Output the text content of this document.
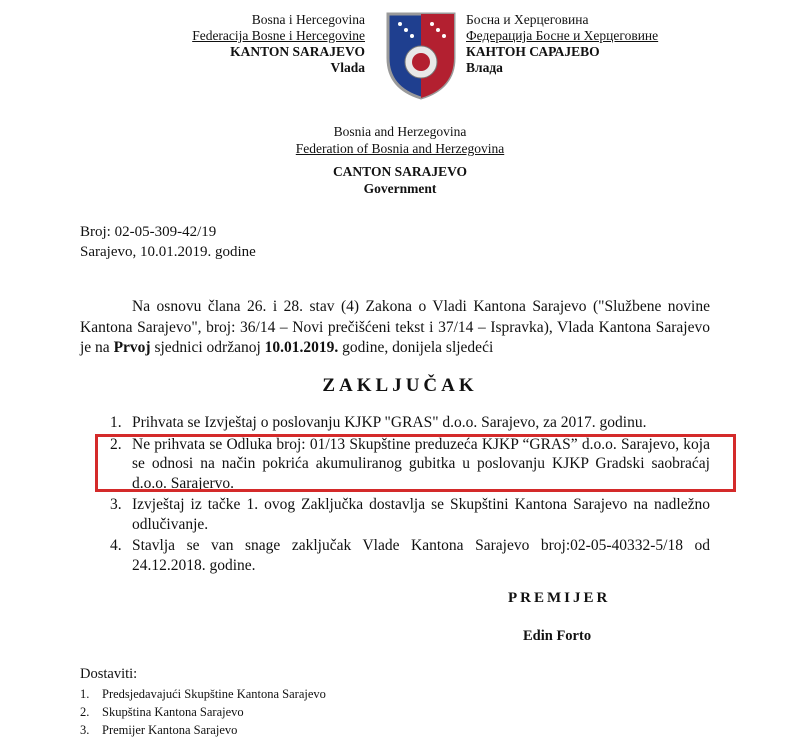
Bosna i Hercegovina
Federacija Bosne i Hercegovine
KANTON SARAJEVO
Vlada
Босна и Херцеговина
Федерација Босне и Херцеговине
КАНТОН САРАЈЕВО
Влада
Bosnia and Herzegovina
Federation of Bosnia and Herzegovina
CANTON SARAJEVO
Government
Broj: 02-05-309-42/19
Sarajevo, 10.01.2019. godine
Na osnovu člana 26. i 28. stav (4) Zakona o Vladi Kantona Sarajevo ("Službene novine Kantona Sarajevo", broj: 36/14 – Novi prečišćeni tekst i 37/14 – Ispravka), Vlada Kantona Sarajevo je na Prvoj sjednici održanoj 10.01.2019. godine, donijela sljedeći
ZAKLJUČAK
1. Prihvata se Izvještaj o poslovanju KJKP "GRAS" d.o.o. Sarajevo, za 2017. godinu.
2. Ne prihvata se Odluka broj: 01/13 Skupštine preduzeća KJKP “GRAS” d.o.o. Sarajevo, koja se odnosi na način pokrića akumuliranog gubitka u poslovanju KJKP Gradski saobraćaj d.o.o. Sarajervo.
3. Izvještaj iz tačke 1. ovog Zaključka dostavlja se Skupštini Kantona Sarajevo na nadležno odlučivanje.
4. Stavlja se van snage zaključak Vlade Kantona Sarajevo broj:02-05-40332-5/18 od 24.12.2018. godine.
PREMIJER
Edin Forto
Dostaviti:
1.	Predsjedavajući Skupštine Kantona Sarajevo
2.	Skupština Kantona Sarajevo
3.	Premijer Kantona Sarajevo
